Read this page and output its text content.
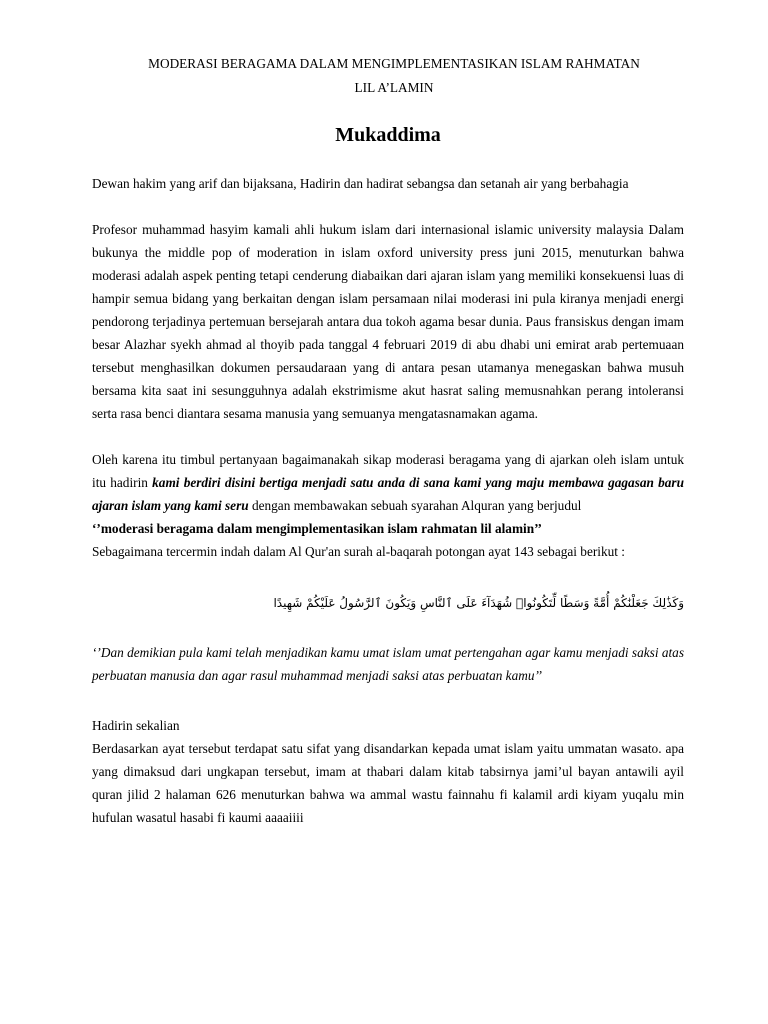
MODERASI BERAGAMA DALAM MENGIMPLEMENTASIKAN ISLAM RAHMATAN
LIL A’LAMIN
Mukaddima

Dewan hakim yang arif dan bijaksana, Hadirin dan hadirat sebangsa dan setanah air yang berbahagia

Profesor muhammad hasyim kamali ahli hukum islam dari internasional islamic university malaysia Dalam bukunya the middle pop of moderation in islam oxford university press juni 2015, menuturkan bahwa moderasi adalah aspek penting tetapi cenderung diabaikan dari ajaran islam yang memiliki konsekuensi luas di hampir semua bidang yang berkaitan dengan islam persamaan nilai moderasi ini pula kiranya menjadi energi pendorong terjadinya pertemuan bersejarah antara dua tokoh agama besar dunia. Paus fransiskus dengan imam besar Alazhar syekh ahmad al thoyib pada tanggal 4 februari 2019 di abu dhabi uni emirat arab pertemuaan tersebut menghasilkan dokumen persaudaraan yang di antara pesan utamanya menegaskan bahwa musuh bersama kita saat ini sesungguhnya adalah ekstrimisme akut hasrat saling memusnahkan perang intoleransi serta rasa benci diantara sesama manusia yang semuanya mengatasnamakan agama.

Oleh karena itu timbul pertanyaan bagaimanakah sikap moderasi beragama yang di ajarkan oleh islam untuk itu hadirin kami berdiri disini bertiga menjadi satu anda di sana kami yang maju membawa gagasan baru ajaran islam yang kami seru dengan membawakan sebuah syarahan Alquran yang berjudul

‘’moderasi beragama dalam mengimplementasikan islam rahmatan lil alamin’’

Sebagaimana tercermin indah dalam Al Qur'an surah al-baqarah potongan ayat 143 sebagai berikut :

وَكَذَٰلِكَ جَعَلْنَٰكُمْ أُمَّةً وَسَطًا لِّتَكُونُوا۟ شُهَدَآءَ عَلَى ٱلنَّاسِ وَيَكُونَ ٱلرَّسُولُ عَلَيْكُمْ شَهِيدًا

‘’Dan demikian pula kami telah menjadikan kamu umat islam umat pertengahan agar kamu menjadi saksi atas perbuatan manusia dan agar rasul muhammad menjadi saksi atas perbuatan kamu’’

Hadirin sekalian

Berdasarkan ayat tersebut terdapat satu sifat yang disandarkan kepada umat islam yaitu ummatan wasato. apa yang dimaksud dari ungkapan tersebut, imam at thabari dalam kitab tabsirnya jami’ul bayan antawili ayil quran jilid 2 halaman 626 menuturkan bahwa wa ammal wastu fainnahu fi kalamil ardi kiyam yuqalu min hufulan wasatul hasabi fi kaumi aaaaiiii
